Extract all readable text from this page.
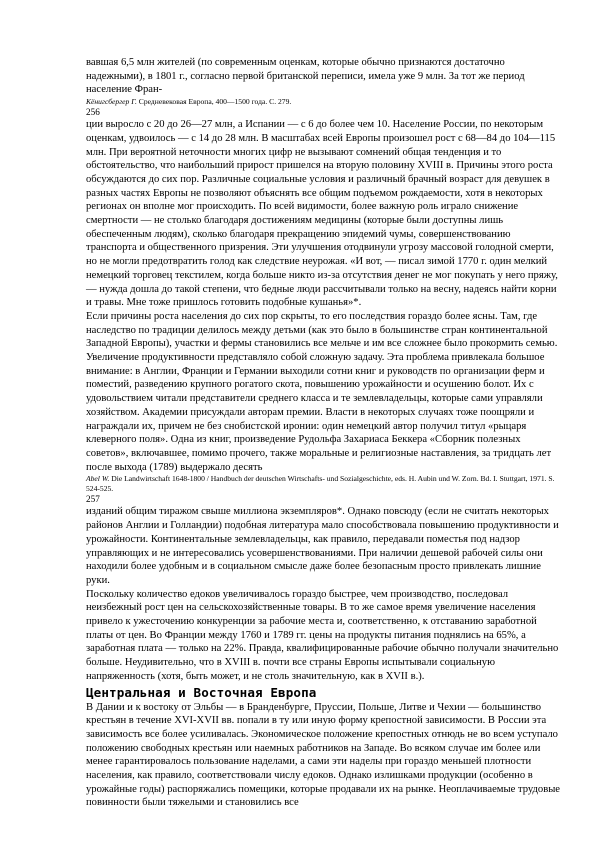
вавшая 6,5 млн жителей (по современным оценкам, которые обычно признаются достаточно надежными), в 1801 г., согласно первой британской переписи, имела уже 9 млн. За тот же период население Фран-

Кёнигсбергер Г. Средневековая Европа, 400—1500 года. С. 279.

256

ции выросло с 20 до 26—27 млн, а Испании — с 6 до более чем 10. Население России, по некоторым оценкам, удвоилось — с 14 до 28 млн. В масштабах всей Европы произошел рост с 68—84 до 104—115 млн. При вероятной неточности многих цифр не вызывают сомнений общая тенденция и то обстоятельство, что наибольший прирост пришелся на вторую половину XVIII в. Причины этого роста обсуждаются до сих пор. Различные социальные условия и различный брачный возраст для девушек в разных частях Европы не позволяют объяснять все общим подъемом рождаемости, хотя в некоторых регионах он вполне мог происходить. По всей видимости, более важную роль играло снижение смертности — не столько благодаря достижениям медицины (которые были доступны лишь обеспеченным людям), сколько благодаря прекращению эпидемий чумы, совершенствованию транспорта и общественного призрения. Эти улучшения отодвинули угрозу массовой голодной смерти, но не могли предотвратить голод как следствие неурожая. «И вот, — писал зимой 1770 г. один мелкий немецкий торговец текстилем, когда больше никто из-за отсутствия денег не мог покупать у него пряжу, — нужда дошла до такой степени, что бедные люди рассчитывали только на весну, надеясь найти корни и травы. Мне тоже пришлось готовить подобные кушанья»*.

Если причины роста населения до сих пор скрыты, то его последствия гораздо более ясны. Там, где наследство по традиции делилось между детьми (как это было в большинстве стран континентальной Западной Европы), участки и фермы становились все мельче и им все сложнее было прокормить семью. Увеличение продуктивности представляло собой сложную задачу. Эта проблема привлекала большое внимание: в Англии, Франции и Германии выходили сотни книг и руководств по организации ферм и поместий, разведению крупного рогатого скота, повышению урожайности и осушению болот. Их с удовольствием читали представители среднего класса и те землевладельцы, которые сами управляли хозяйством. Академии присуждали авторам премии. Власти в некоторых случаях тоже поощряли и награждали их, причем не без снобистской иронии: один немецкий автор получил титул «рыцаря клеверного поля». Одна из книг, произведение Рудольфа Захариаса Беккера «Сборник полезных советов», включавшее, помимо прочего, также моральные и религиозные наставления, за тридцать лет после выхода (1789) выдержало десять

Abel W. Die Landwirtschaft 1648-1800 / Handbuch der deutschen Wirtschafts- und Sozialgeschichte, eds. H. Aubin und W. Zorn. Bd. I. Stuttgart, 1971. S. 524-525.

257

изданий общим тиражом свыше миллиона экземпляров*. Однако повсюду (если не считать некоторых районов Англии и Голландии) подобная литература мало способствовала повышению продуктивности и урожайности. Континентальные землевладельцы, как правило, передавали поместья под надзор управляющих и не интересовались усовершенствованиями. При наличии дешевой рабочей силы они находили более удобным и в социальном смысле даже более безопасным просто привлекать лишние руки.

Поскольку количество едоков увеличивалось гораздо быстрее, чем производство, последовал неизбежный рост цен на сельскохозяйственные товары. В то же самое время увеличение населения привело к ужесточению конкуренции за рабочие места и, соответственно, к отставанию заработной платы от цен. Во Франции между 1760 и 1789 гг. цены на продукты питания поднялись на 65%, а заработная плата — только на 22%. Правда, квалифицированные рабочие обычно получали значительно больше. Неудивительно, что в XVIII в. почти все страны Европы испытывали социальную напряженность (хотя, быть может, и не столь значительную, как в XVII в.).

Центральная и Восточная Европа

В Дании и к востоку от Эльбы — в Бранденбурге, Пруссии, Польше, Литве и Чехии — большинство крестьян в течение XVI-XVII вв. попали в ту или иную форму крепостной зависимости. В России эта зависимость все более усиливалась. Экономическое положение крепостных отнюдь не во всем уступало положению свободных крестьян или наемных работников на Западе. Во всяком случае им более или менее гарантировалось пользование наделами, а сами эти наделы при гораздо меньшей плотности населения, как правило, соответствовали числу едоков. Однако излишками продукции (особенно в урожайные годы) распоряжались помещики, которые продавали их на рынке. Неоплачиваемые трудовые повинности были тяжелыми и становились все
